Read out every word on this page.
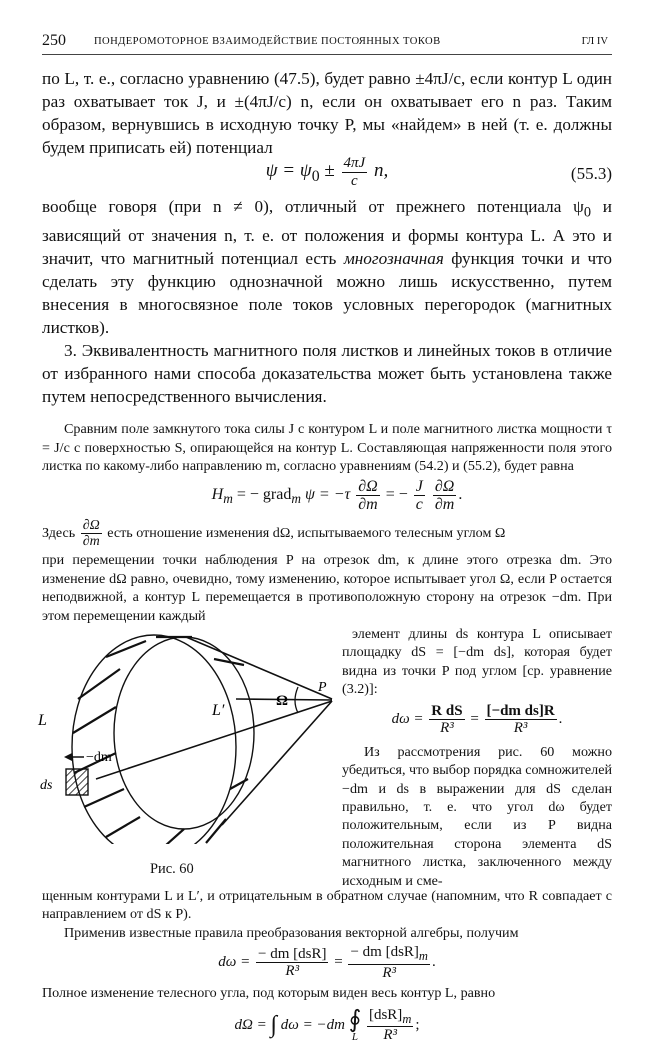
250	ПОНДЕРОМОТОРНОЕ ВЗАИМОДЕЙСТВИЕ ПОСТОЯННЫХ ТОКОВ	ГЛ IV

по L, т. е., согласно уравнению (47.5), будет равно ±4πJ/c, если контур L один раз охватывает ток J, и ±(4πJ/c) n, если он охватывает его n раз. Таким образом, вернувшись в исходную точку P, мы «найдем» в ней (т. е. должны будем приписать ей) потенциал

$\psi = \psi_0 \pm \frac{4\pi J}{c} n$,	(55.3)

вообще говоря (при n ≠ 0), отличный от прежнего потенциала $\psi_0$ и зависящий от значения n, т. е. от положения и формы контура L. А это и значит, что магнитный потенциал есть многозначная функция точки и что сделать эту функцию однозначной можно лишь искусственно, путем внесения в многосвязное поле токов условных перегородок (магнитных листков).

3. Эквивалентность магнитного поля листков и линейных токов в отличие от избранного нами способа доказательства может быть установлена также путем непосредственного вычисления.

Сравним поле замкнутого тока силы J с контуром L и поле магнитного листка мощности τ = J/c с поверхностью S, опирающейся на контур L. Составляющая напряженности поля этого листка по какому-либо направлению m, согласно уравнениям (54.2) и (55.2), будет равна

$H_m$ = − grad$_m$ $\psi = -\tau \frac{\partial\Omega}{\partial m}$ = − $\frac{J}{c}$
$\frac{\partial\Omega}{\partial m}$ .

Здесь $\frac{\partial\Omega}{\partial m}$ есть отношение изменения dΩ, испытываемого телесным углом Ω

при перемещении точки наблюдения P на отрезок dm, к длине этого отрезка dm. Это изменение dΩ равно, очевидно, тому изменению, которое испытывает угол Ω, если P остается неподвижной, а контур L перемещается в противоположную сторону на отрезок −dm. При этом перемещении каждый

L
L′
−dm
ds
Ω
P
Рис. 60

элемент длины ds контура L описывает площадку dS = [−dm ds], которая будет видна из точки P под углом [ср. уравнение (3.2)]:

$d\omega = \frac{\text{R dS}}{\text{R³}} = \frac{\text{[−dm ds]R}}{\text{R³}}$ .

Из рассмотрения рис. 60 можно убедиться, что выбор порядка сомножителей −dm и ds в выражении для dS сделан правильно, т. е. что угол dω будет положительным, если из P видна положительная сторона элемента dS магнитного листка, заключенного между исходным и сме-

щенным контурами L и L′, и отрицательным в обратном случае (напомним, что R совпадает с направлением от dS к P).

Применив известные правила преобразования векторной алгебры, получим

dω =
− dm [dsR]
R³
=
− dm $[dsR]_m$
R³
.

Полное изменение телесного угла, под которым виден весь контур L, равно

dΩ = ∫ dω = −dm ∮
L

$[dsR]_m$
R³
;
